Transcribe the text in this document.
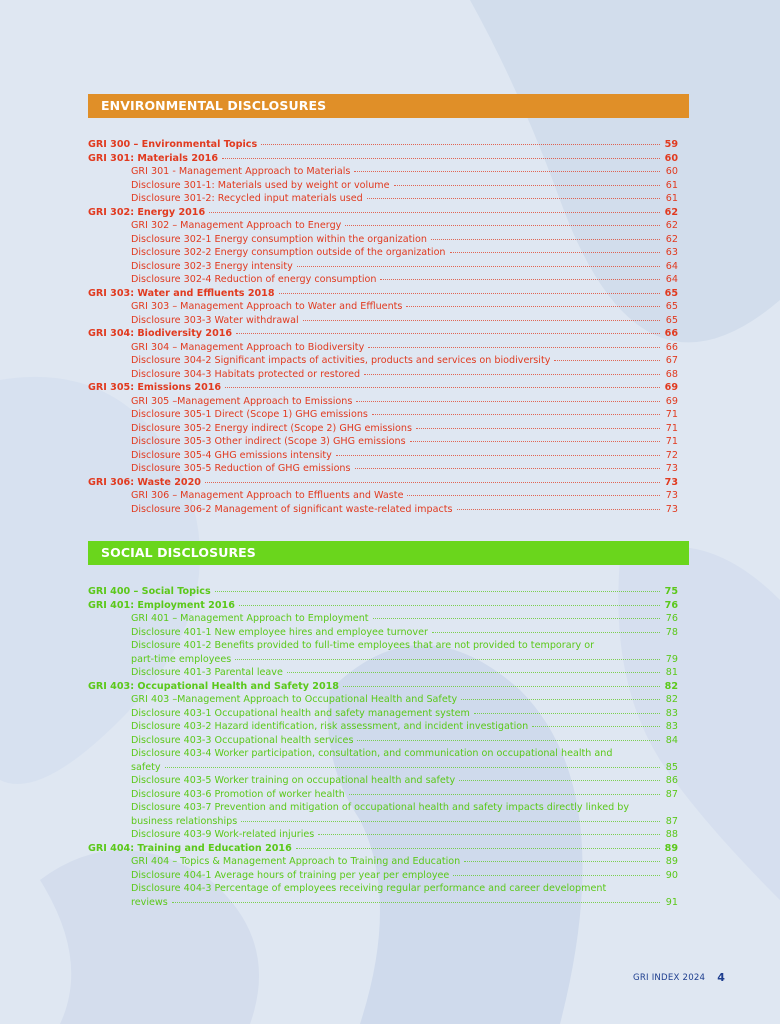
ENVIRONMENTAL DISCLOSURES
GRI 300 – Environmental Topics	59
GRI 301: Materials 2016	60
GRI 301 - Management Approach to Materials	60
Disclosure 301-1: Materials used by weight or volume	61
Disclosure 301-2: Recycled input materials used	61
GRI 302: Energy 2016	62
GRI 302 – Management Approach to Energy	62
Disclosure 302-1 Energy consumption within the organization	62
Disclosure 302-2 Energy consumption outside of the organization	63
Disclosure 302-3 Energy intensity	64
Disclosure 302-4 Reduction of energy consumption	64
GRI 303: Water and Effluents 2018	65
GRI 303 – Management Approach to Water and Effluents	65
Disclosure 303-3 Water withdrawal	65
GRI 304: Biodiversity 2016	66
GRI 304 – Management Approach to Biodiversity	66
Disclosure 304-2 Significant impacts of activities, products and services on biodiversity	67
Disclosure 304-3 Habitats protected or restored	68
GRI 305: Emissions 2016	69
GRI 305 –Management Approach to Emissions	69
Disclosure 305-1 Direct (Scope 1) GHG emissions	71
Disclosure 305-2 Energy indirect (Scope 2) GHG emissions	71
Disclosure 305-3 Other indirect (Scope 3) GHG emissions	71
Disclosure 305-4 GHG emissions intensity	72
Disclosure 305-5 Reduction of GHG emissions	73
GRI 306: Waste 2020	73
GRI 306 – Management Approach to Effluents and Waste	73
Disclosure 306-2 Management of significant waste-related impacts	73
SOCIAL DISCLOSURES
GRI 400 – Social Topics	75
GRI 401: Employment 2016	76
GRI 401 – Management Approach to Employment	76
Disclosure 401-1 New employee hires and employee turnover	78
Disclosure 401-2 Benefits provided to full-time employees that are not provided to temporary or
part-time employees	79
Disclosure 401-3 Parental leave	81
GRI 403: Occupational Health and Safety 2018	82
GRI 403 –Management Approach to Occupational Health and Safety	82
Disclosure 403-1 Occupational health and safety management system	83
Disclosure 403-2 Hazard identification, risk assessment, and incident investigation	83
Disclosure 403-3 Occupational health services	84
Disclosure 403-4 Worker participation, consultation, and communication on occupational health and
safety	85
Disclosure 403-5 Worker training on occupational health and safety	86
Disclosure 403-6 Promotion of worker health	87
Disclosure 403-7 Prevention and mitigation of occupational health and safety impacts directly linked by
business relationships	87
Disclosure 403-9 Work-related injuries	88
GRI 404: Training and Education 2016	89
GRI 404 – Topics & Management Approach to Training and Education	89
Disclosure 404-1 Average hours of training per year per employee	90
Disclosure 404-3 Percentage of employees receiving regular performance and career development
reviews	91
GRI INDEX 2024 4
